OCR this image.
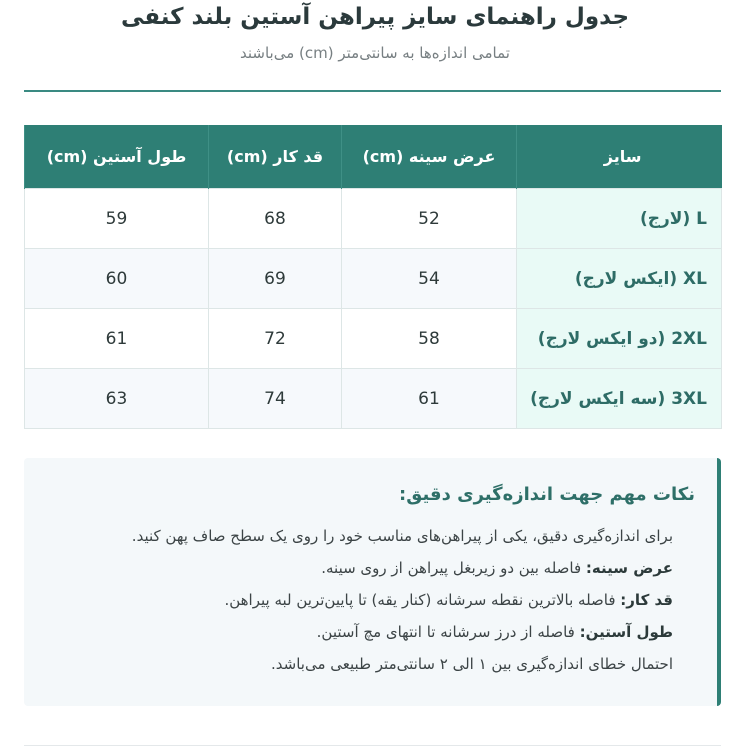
جدول راهنمای سایز پیراهن آستین بلند کنفی
تمامی اندازه‌ها به سانتی‌متر (cm) می‌باشند
سایز	عرض سینه (cm)	قد کار (cm)	طول آستین (cm)
L (لارج)	52	68	59
XL (ایکس لارج)	54	69	60
2XL (دو ایکس لارج)	58	72	61
3XL (سه ایکس لارج)	61	74	63
نکات مهم جهت اندازه‌گیری دقیق:
برای اندازه‌گیری دقیق، یکی از پیراهن‌های مناسب خود را روی یک سطح صاف پهن کنید.
عرض سینه: فاصله بین دو زیربغل پیراهن از روی سینه.
قد کار: فاصله بالاترین نقطه سرشانه (کنار یقه) تا پایین‌ترین لبه پیراهن.
طول آستین: فاصله از درز سرشانه تا انتهای مچ آستین.
احتمال خطای اندازه‌گیری بین ۱ الی ۲ سانتی‌متر طبیعی می‌باشد.
